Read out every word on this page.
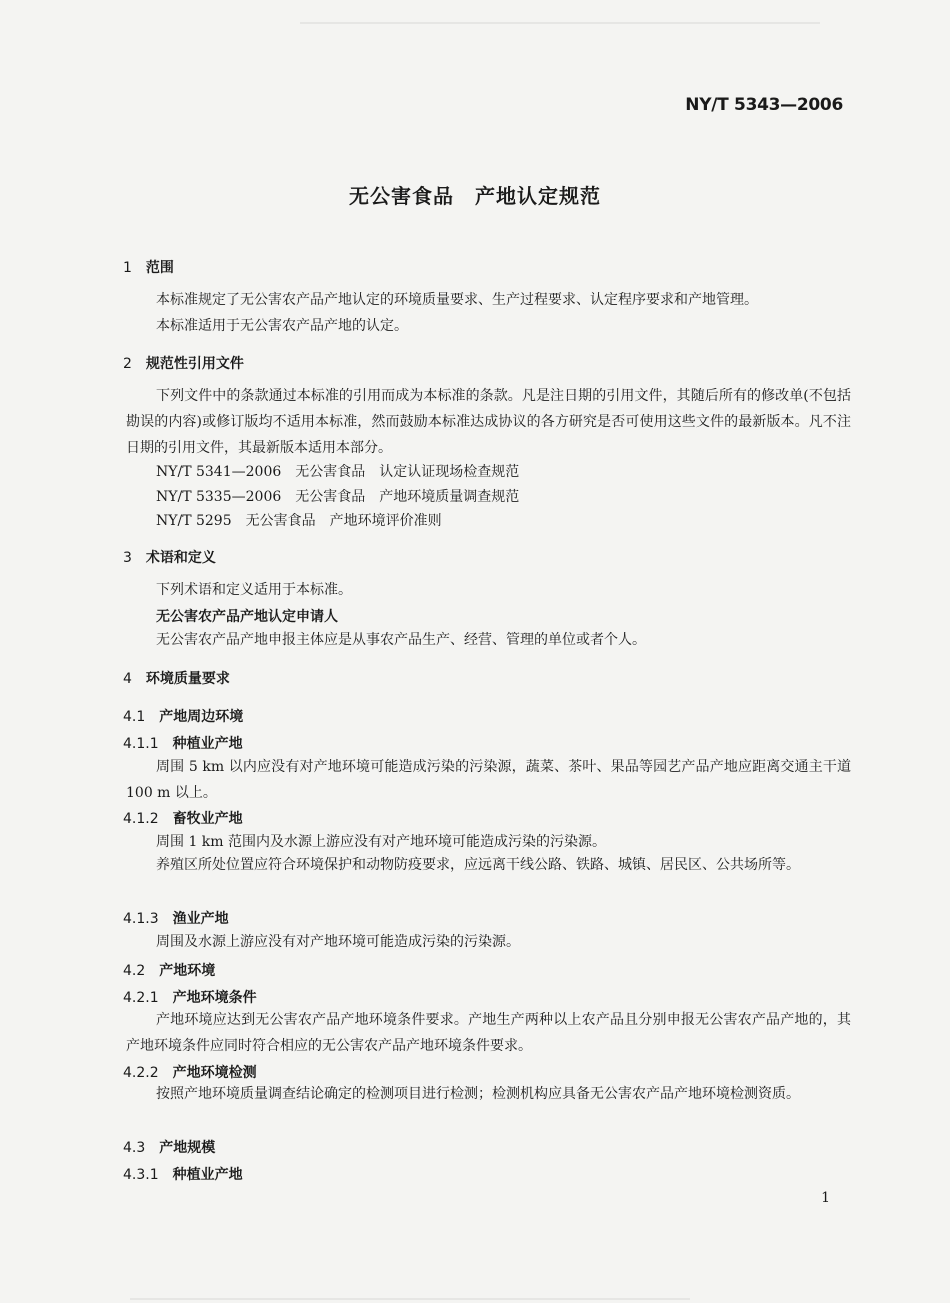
NY/T 5343—2006
无公害食品　产地认定规范
1 范围
本标准规定了无公害农产品产地认定的环境质量要求、生产过程要求、认定程序要求和产地管理。
本标准适用于无公害农产品产地的认定。
2 规范性引用文件
下列文件中的条款通过本标准的引用而成为本标准的条款。凡是注日期的引用文件，其随后所有的修改单(不包括勘误的内容)或修订版均不适用本标准，然而鼓励本标准达成协议的各方研究是否可使用这些文件的最新版本。凡不注日期的引用文件，其最新版本适用本部分。
NY/T 5341—2006　无公害食品　认定认证现场检查规范
NY/T 5335—2006　无公害食品　产地环境质量调查规范
NY/T 5295　无公害食品　产地环境评价准则
3 术语和定义
下列术语和定义适用于本标准。
无公害农产品产地认定申请人
无公害农产品产地申报主体应是从事农产品生产、经营、管理的单位或者个人。
4 环境质量要求
4.1 产地周边环境
4.1.1 种植业产地
周围 5 km 以内应没有对产地环境可能造成污染的污染源，蔬菜、茶叶、果品等园艺产品产地应距离交通主干道 100 m 以上。
4.1.2 畜牧业产地
周围 1 km 范围内及水源上游应没有对产地环境可能造成污染的污染源。
养殖区所处位置应符合环境保护和动物防疫要求，应远离干线公路、铁路、城镇、居民区、公共场所等。
4.1.3 渔业产地
周围及水源上游应没有对产地环境可能造成污染的污染源。
4.2 产地环境
4.2.1 产地环境条件
产地环境应达到无公害农产品产地环境条件要求。产地生产两种以上农产品且分别申报无公害农产品产地的，其产地环境条件应同时符合相应的无公害农产品产地环境条件要求。
4.2.2 产地环境检测
按照产地环境质量调查结论确定的检测项目进行检测；检测机构应具备无公害农产品产地环境检测资质。
4.3 产地规模
4.3.1 种植业产地
1
